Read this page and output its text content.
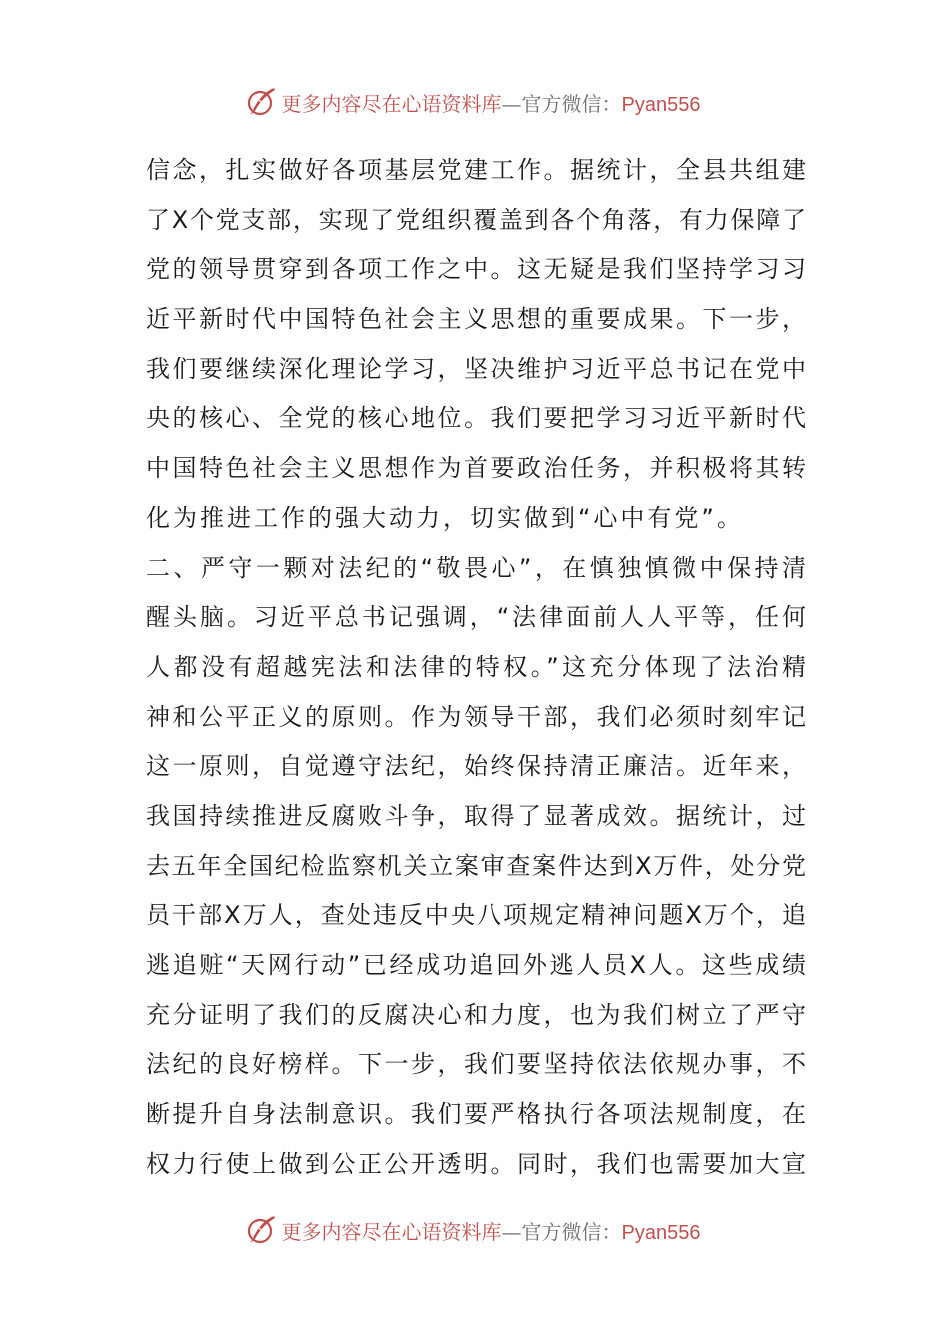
更多内容尽在心语资料库—官方微信：Pyan556
信念，扎实做好各项基层党建工作。据统计，全县共组建
了X个党支部，实现了党组织覆盖到各个角落，有力保障了
党的领导贯穿到各项工作之中。这无疑是我们坚持学习习
近平新时代中国特色社会主义思想的重要成果。下一步，
我们要继续深化理论学习，坚决维护习近平总书记在党中
央的核心、全党的核心地位。我们要把学习习近平新时代
中国特色社会主义思想作为首要政治任务，并积极将其转
化为推进工作的强大动力，切实做到“心中有党”。
二、严守一颗对法纪的“敬畏心”，在慎独慎微中保持清
醒头脑。习近平总书记强调，“法律面前人人平等，任何
人都没有超越宪法和法律的特权。”这充分体现了法治精
神和公平正义的原则。作为领导干部，我们必须时刻牢记
这一原则，自觉遵守法纪，始终保持清正廉洁。近年来，
我国持续推进反腐败斗争，取得了显著成效。据统计，过
去五年全国纪检监察机关立案审查案件达到X万件，处分党
员干部X万人，查处违反中央八项规定精神问题X万个，追
逃追赃“天网行动”已经成功追回外逃人员X人。这些成绩
充分证明了我们的反腐决心和力度，也为我们树立了严守
法纪的良好榜样。下一步，我们要坚持依法依规办事，不
断提升自身法制意识。我们要严格执行各项法规制度，在
权力行使上做到公正公开透明。同时，我们也需要加大宣
更多内容尽在心语资料库—官方微信：Pyan556
